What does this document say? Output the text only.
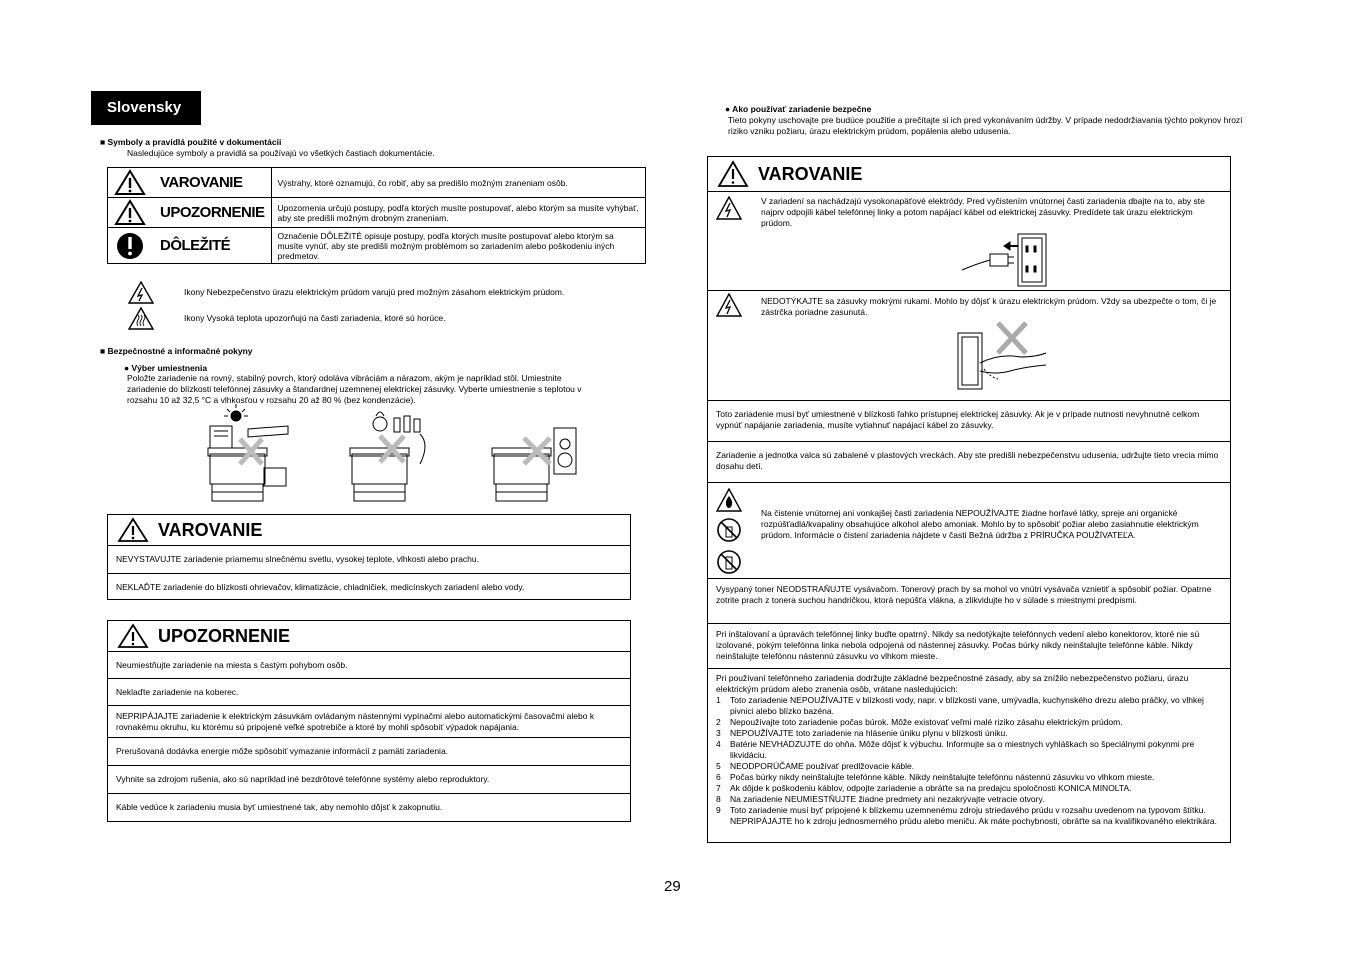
Slovensky
■ Symboly a pravidlá použité v dokumentácii
Nasledujúce symboly a pravidlá sa používajú vo všetkých častiach dokumentácie.
VAROVANIE	Výstrahy, ktoré oznamujú, čo robiť, aby sa predišlo možným zraneniam osôb.

UPOZORNENIE	Upozornenia určujú postupy, podľa ktorých musíte postupovať, alebo ktorým sa musíte vyhýbať, aby ste predišli možným drobným zraneniam.

DÔLEŽITÉ	Označenie DÔLEŽITÉ opisuje postupy, podľa ktorých musíte postupovať alebo ktorým sa musíte vynúť, aby ste predišli možným problémom so zariadením alebo poškodeniu iných predmetov.
Ikony Nebezpečenstvo úrazu elektrickým prúdom varujú pred možným zásahom elektrickým prúdom.
Ikony Vysoká teplota upozorňujú na časti zariadenia, ktoré sú horúce.
■ Bezpečnostné a informačné pokyny
● Výber umiestnenia
Položte zariadenie na rovný, stabilný povrch, ktorý odoláva vibráciám a nárazom, akým je napríklad stôl. Umiestnite
zariadenie do blízkosti telefónnej zásuvky a štandardnej uzemnenej elektrickej zásuvky. Vyberte umiestnenie s teplotou v
rozsahu 10 až 32,5 °C a vlhkosťou v rozsahu 20 až 80 % (bez kondenzácie).
VAROVANIE
NEVYSTAVUJTE zariadenie priamemu slnečnému svetlu, vysokej teplote, vlhkosti alebo prachu.
NEKLAĎTE zariadenie do blízkosti ohrievačov, klimatizácie, chladničiek, medicínskych zariadení alebo vody.
UPOZORNENIE
Neumiestňujte zariadenie na miesta s častým pohybom osôb.
Neklaďte zariadenie na koberec.
NEPRIPÁJAJTE zariadenie k elektrickým zásuvkám ovládaným nástennými vypínačmi alebo automatickými časovačmi alebo k rovnakému okruhu, ku ktorému sú pripojené veľké spotrebiče a ktoré by mohli spôsobiť výpadok napájania.
Prerušovaná dodávka energie môže spôsobiť vymazanie informácií z pamäti zariadenia.
Vyhnite sa zdrojom rušenia, ako sú napríklad iné bezdrôtové telefónne systémy alebo reproduktory.
Káble vedúce k zariadeniu musia byť umiestnené tak, aby nemohlo dôjsť k zakopnutiu.
● Ako používať zariadenie bezpečne
Tieto pokyny uschovajte pre budúce použitie a prečítajte si ich pred vykonávaním údržby. V prípade nedodržiavania týchto pokynov hrozí riziko vzniku požiaru, úrazu elektrickým prúdom, popálenia alebo udusenia.
VAROVANIE
V zariadení sa nachádzajú vysokonapäťové elektródy. Pred vyčistením vnútornej časti zariadenia dbajte na to, aby ste najprv odpojili kábel telefónnej linky a potom napájací kábel od elektrickej zásuvky. Predídete tak úrazu elektrickým prúdom.
NEDOTÝKAJTE sa zásuvky mokrými rukami. Mohlo by dôjsť k úrazu elektrickým prúdom. Vždy sa ubezpečte o tom, či je zástrčka poriadne zasunutá.
Toto zariadenie musí byť umiestnené v blízkosti ľahko prístupnej elektrickej zásuvky. Ak je v prípade nutnosti nevyhnutné celkom vypnúť napájanie zariadenia, musíte vytiahnuť napájací kábel zo zásuvky.
Zariadenie a jednotka valca sú zabalené v plastových vreckách. Aby ste predišli nebezpečenstvu udusenia, udržujte tieto vrecia mimo dosahu detí.
Na čistenie vnútornej ani vonkajšej časti zariadenia NEPOUŽÍVAJTE žiadne horľavé látky, spreje ani organické rozpúšťadlá/kvapaliny obsahujúce alkohol alebo amoniak. Mohlo by to spôsobiť požiar alebo zasiahnutie elektrickým prúdom. Informácie o čistení zariadenia nájdete v časti Bežná údržba z PRÍRUČKA POUŽÍVATEĽA.
Vysypaný toner NEODSTRAŇUJTE vysávačom. Tonerový prach by sa mohol vo vnútri vysávača vznietiť a spôsobiť požiar. Opatrne zotrite prach z tonera suchou handričkou, ktorá nepúšťa vlákna, a zlikvidujte ho v súlade s miestnymi predpismi.
Pri inštalovaní a úpravách telefónnej linky buďte opatrný. Nikdy sa nedotýkajte telefónnych vedení alebo konektorov, ktoré nie sú izolované, pokým telefónna linka nebola odpojená od nástennej zásuvky. Počas búrky nikdy neinštalujte telefónne káble. Nikdy neinštalujte telefónnu nástennú zásuvku vo vlhkom mieste.
Pri používaní telefónneho zariadenia dodržujte základné bezpečnostné zásady, aby sa znížilo nebezpečenstvo požiaru, úrazu elektrickým prúdom alebo zranenia osôb, vrátane nasledujúcich:
1	Toto zariadenie NEPOUŽÍVAJTE v blízkosti vody, napr. v blízkosti vane, umývadla, kuchynského drezu alebo práčky, vo vlhkej pivnici alebo blízko bazéna.
2	Nepoužívajte toto zariadenie počas búrok. Môže existovať veľmi malé riziko zásahu elektrickým prúdom.
3	NEPOUŽÍVAJTE toto zariadenie na hlásenie úniku plynu v blízkosti úniku.
4	Batérie NEVHADZUJTE do ohňa. Môže dôjsť k výbuchu. Informujte sa o miestnych vyhláškach so špeciálnymi pokynmi pre likvidáciu.
5	NEODPORÚČAME používať predlžovacie káble.
6	Počas búrky nikdy neinštalujte telefónne káble. Nikdy neinštalujte telefónnu nástennú zásuvku vo vlhkom mieste.
7	Ak dôjde k poškodeniu káblov, odpojte zariadenie a obráťte sa na predajcu spoločnosti KONICA MINOLTA.
8	Na zariadenie NEUMIESTŇUJTE žiadne predmety ani nezakrývajte vetracie otvory.
9	Toto zariadenie musí byť pripojené k blízkemu uzemnenému zdroju striedavého prúdu v rozsahu uvedenom na typovom štítku. NEPRIPÁJAJTE ho k zdroju jednosmerného prúdu alebo meniču. Ak máte pochybnosti, obráťte sa na kvalifikovaného elektrikára.
29
